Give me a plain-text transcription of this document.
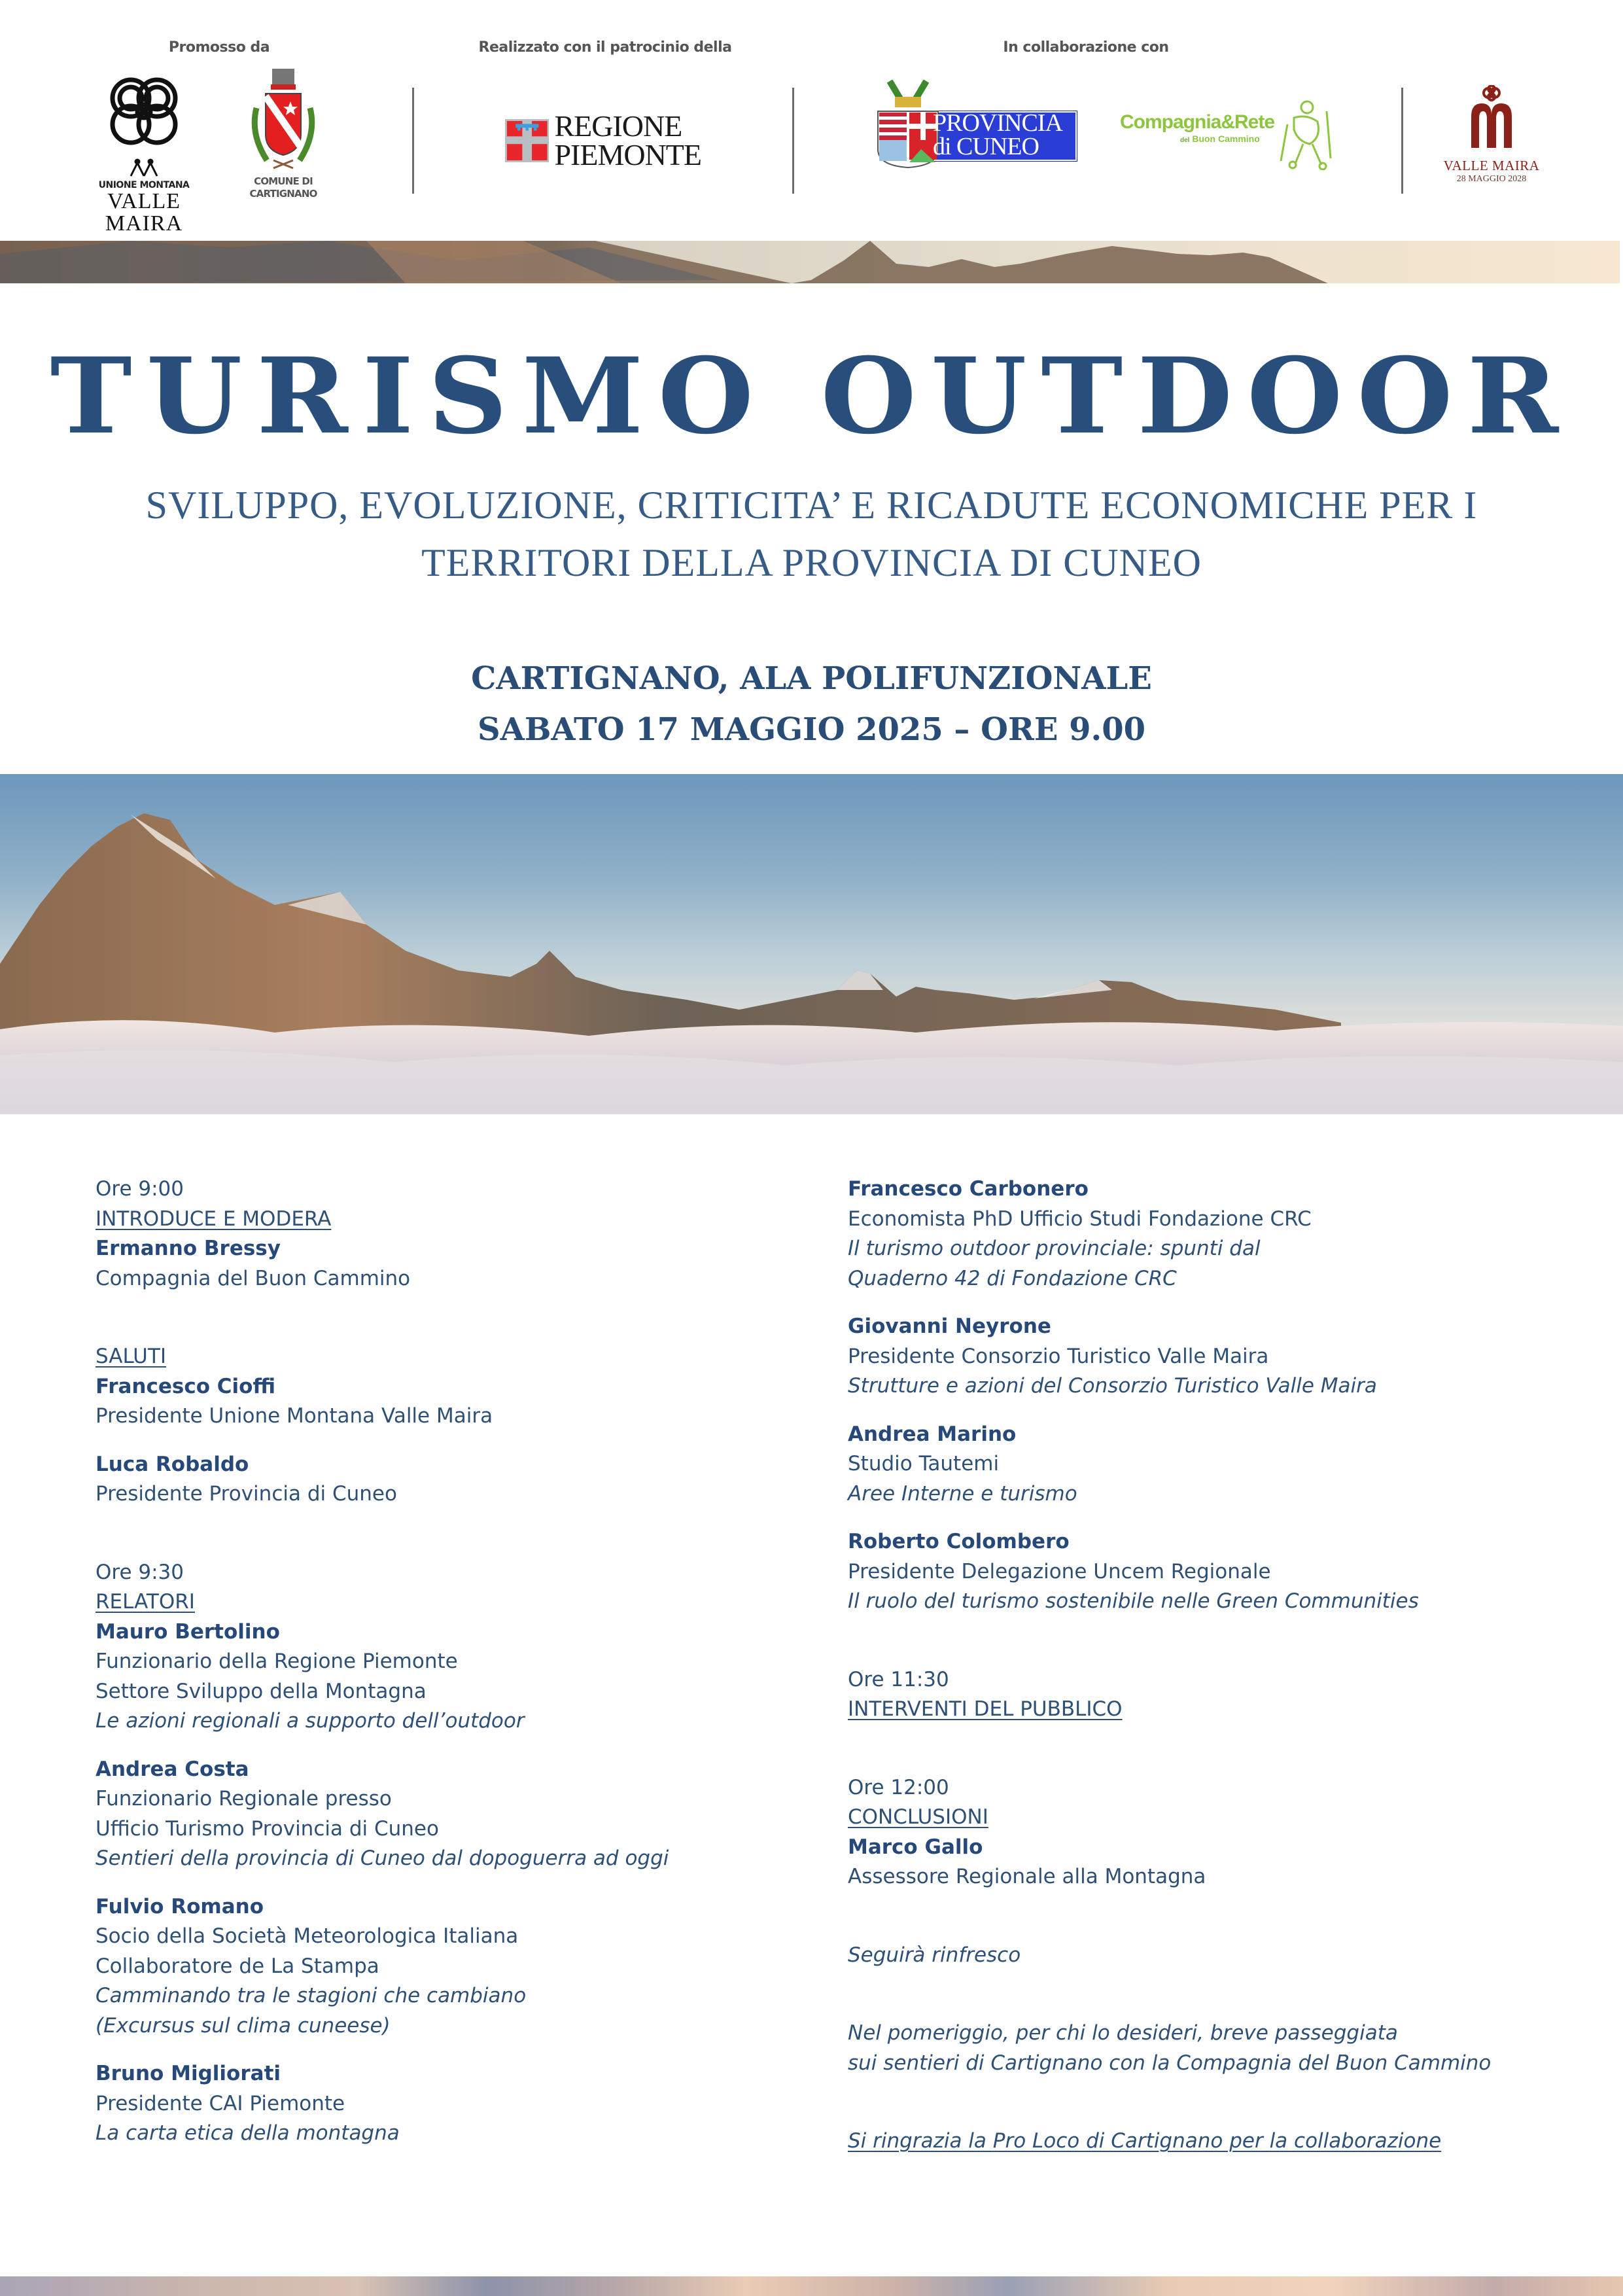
Promosso da	Realizzato con il patrocinio della	In collaborazione con
UNIONE MONTANA
VALLE MAIRA
COMUNE DI
CARTIGNANO
REGIONE
PIEMONTE
PROVINCIA
di CUNEO
Compagnia&Rete
del Buon Cammino
VALLE MAIRA
28 MAGGIO 2028
TURISMO OUTDOOR
SVILUPPO, EVOLUZIONE, CRITICITA’ E RICADUTE ECONOMICHE PER I
TERRITORI DELLA PROVINCIA DI CUNEO
CARTIGNANO, ALA POLIFUNZIONALE
SABATO 17 MAGGIO 2025 – ORE 9.00
Ore 9:00
INTRODUCE E MODERA
Ermanno Bressy
Compagnia del Buon Cammino
SALUTI
Francesco Cioffi
Presidente Unione Montana Valle Maira
Luca Robaldo
Presidente Provincia di Cuneo
Ore 9:30
RELATORI
Mauro Bertolino
Funzionario della Regione Piemonte
Settore Sviluppo della Montagna
Le azioni regionali a supporto dell’outdoor
Andrea Costa
Funzionario Regionale presso
Ufficio Turismo Provincia di Cuneo
Sentieri della provincia di Cuneo dal dopoguerra ad oggi
Fulvio Romano
Socio della Società Meteorologica Italiana
Collaboratore de La Stampa
Camminando tra le stagioni che cambiano
(Excursus sul clima cuneese)
Bruno Migliorati
Presidente CAI Piemonte
La carta etica della montagna
Francesco Carbonero
Economista PhD Ufficio Studi Fondazione CRC
Il turismo outdoor provinciale: spunti dal
Quaderno 42 di Fondazione CRC
Giovanni Neyrone
Presidente Consorzio Turistico Valle Maira
Strutture e azioni del Consorzio Turistico Valle Maira
Andrea Marino
Studio Tautemi
Aree Interne e turismo
Roberto Colombero
Presidente Delegazione Uncem Regionale
Il ruolo del turismo sostenibile nelle Green Communities
Ore 11:30
INTERVENTI DEL PUBBLICO
Ore 12:00
CONCLUSIONI
Marco Gallo
Assessore Regionale alla Montagna
Seguirà rinfresco
Nel pomeriggio, per chi lo desideri, breve passeggiata
sui sentieri di Cartignano con la Compagnia del Buon Cammino
Si ringrazia la Pro Loco di Cartignano per la collaborazione
